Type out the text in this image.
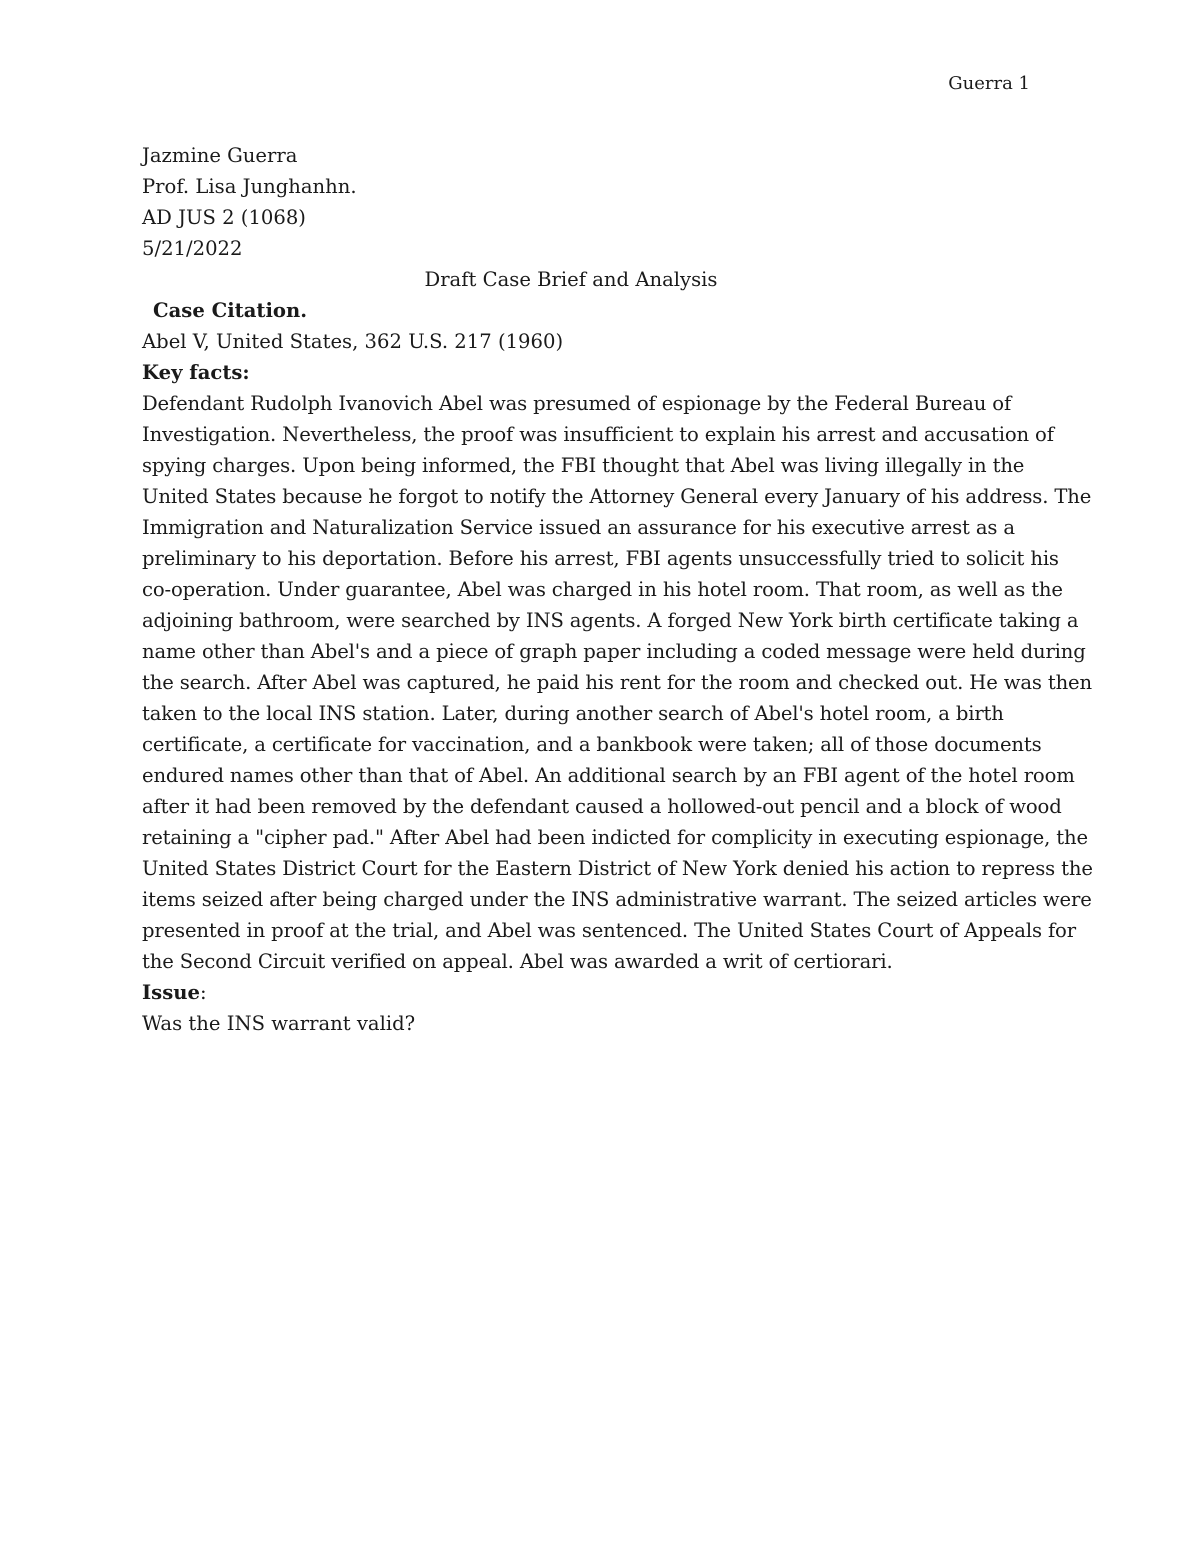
Guerra 1
Jazmine Guerra
Prof. Lisa Junghanhn.
AD JUS 2 (1068)
5/21/2022
Draft Case Brief and Analysis
Case Citation.
Abel V, United States, 362 U.S. 217 (1960)
Key facts:
Defendant Rudolph Ivanovich Abel was presumed of espionage by the Federal Bureau of
Investigation. Nevertheless, the proof was insufficient to explain his arrest and accusation of
spying charges. Upon being informed, the FBI thought that Abel was living illegally in the
United States because he forgot to notify the Attorney General every January of his address. The
Immigration and Naturalization Service issued an assurance for his executive arrest as a
preliminary to his deportation. Before his arrest, FBI agents unsuccessfully tried to solicit his
co-operation. Under guarantee, Abel was charged in his hotel room. That room, as well as the
adjoining bathroom, were searched by INS agents. A forged New York birth certificate taking a
name other than Abel's and a piece of graph paper including a coded message were held during
the search. After Abel was captured, he paid his rent for the room and checked out. He was then
taken to the local INS station. Later, during another search of Abel's hotel room, a birth
certificate, a certificate for vaccination, and a bankbook were taken; all of those documents
endured names other than that of Abel. An additional search by an FBI agent of the hotel room
after it had been removed by the defendant caused a hollowed-out pencil and a block of wood
retaining a "cipher pad." After Abel had been indicted for complicity in executing espionage, the
United States District Court for the Eastern District of New York denied his action to repress the
items seized after being charged under the INS administrative warrant. The seized articles were
presented in proof at the trial, and Abel was sentenced. The United States Court of Appeals for
the Second Circuit verified on appeal. Abel was awarded a writ of certiorari.
Issue:
Was the INS warrant valid?
